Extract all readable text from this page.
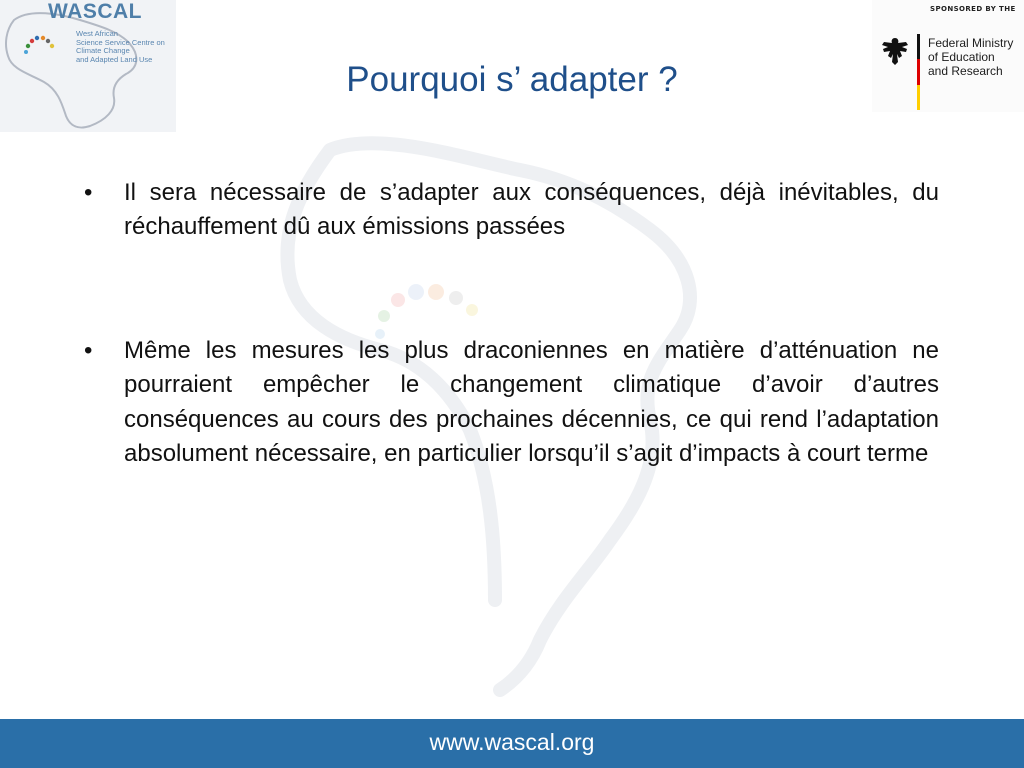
WASCAL
West African
Science Service Centre on
Climate Change
and Adapted Land Use
SPONSORED BY THE
Federal Ministry
of Education
and Research
Pourquoi s’ adapter ?
• Il sera nécessaire de s’adapter aux conséquences, déjà inévitables, du réchauffement dû aux émissions passées
• Même les mesures les plus draconiennes en matière d’atténuation ne pourraient empêcher le changement climatique d’avoir d’autres conséquences au cours des prochaines décennies, ce qui rend l’adaptation absolument nécessaire, en particulier lorsqu’il s’agit d’impacts à court terme
www.wascal.org
